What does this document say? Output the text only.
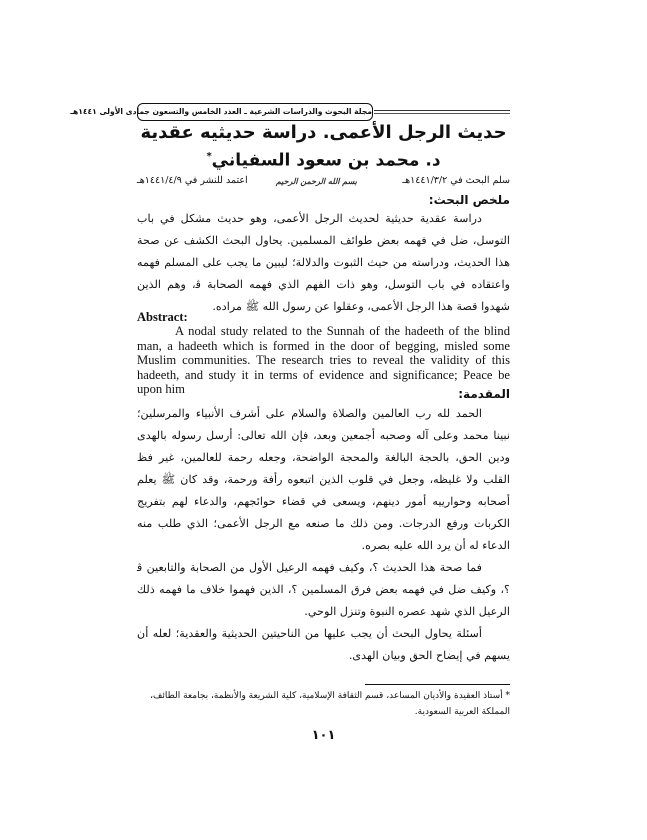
مجلة البحوث والدراسات الشرعية ـ العدد الخامس والتسعون جمادى الأولى ١٤٤١هـ
حديث الرجل الأعمى. دراسة حديثيه عقدية
د. محمد بن سعود السفياني*
سلم البحث في ١٤٤١/٣/٢هـ
بسم الله الرحمن الرحيم
اعتمد للنشر في ١٤٤١/٤/٩هـ
ملخص البحث:

دراسة عقدية حديثية لحديث الرجل الأعمى، وهو حديث مشكل في باب التوسل، ضل في فهمه بعض طوائف المسلمين. يحاول البحث الكشف عن صحة هذا الحديث، ودراسته من حيث الثبوت والدلالة؛ ليبين ما يجب على المسلم فهمه واعتقاده في باب التوسل، وهو ذات الفهم الذي فهمه الصحابة ﭬ، وهم الذين شهدوا قصة هذا الرجل الأعمى، وعقلوا عن رسول الله ﷺ مراده.

Abstract:
A nodal study related to the Sunnah of the hadeeth of the blind man, a hadeeth which is formed in the door of begging, misled some Muslim communities. The research tries to reveal the validity of this hadeeth, and study it in terms of evidence and significance; Peace be upon him	المقدمة:

الحمد لله رب العالمين والصلاة والسلام على أشرف الأنبياء والمرسلين؛ نبينا محمد وعلى آله وصحبه أجمعين وبعد، فإن الله تعالى: أرسل رسوله بالهدى ودين الحق، بالحجة البالغة والمحجة الواضحة، وجعله رحمة للعالمين، غير فظ القلب ولا غليظه، وجعل في قلوب الذين اتبعوه رأفة ورحمة، وقد كان ﷺ يعلم أصحابه وحوارييه أمور دينهم، ويسعى في قضاء حوائجهم، والدعاء لهم بتفريج الكربات ورفع الدرجات. ومن ذلك ما صنعه مع الرجل الأعمى؛ الذي طلب منه الدعاء له أن يرد الله عليه بصره.

فما صحة هذا الحديث ؟، وكيف فهمه الرعيل الأول من الصحابة والتابعين ﭬ ؟، وكيف ضل في فهمه بعض فرق المسلمين ؟، الذين فهموا خلاف ما فهمه ذلك الرعيل الذي شهد عصره النبوة وتنزل الوحي.

أسئلة يحاول البحث أن يجب عليها من الناحيتين الحديثية والعقدية؛ لعله أن يسهم في إيضاح الحق وبيان الهدى.

* أستاذ العقيدة والأديان المساعد، قسم الثقافة الإسلامية، كلية الشريعة والأنظمة، بجامعة الطائف، المملكة العربية السعودية.
١٠١
